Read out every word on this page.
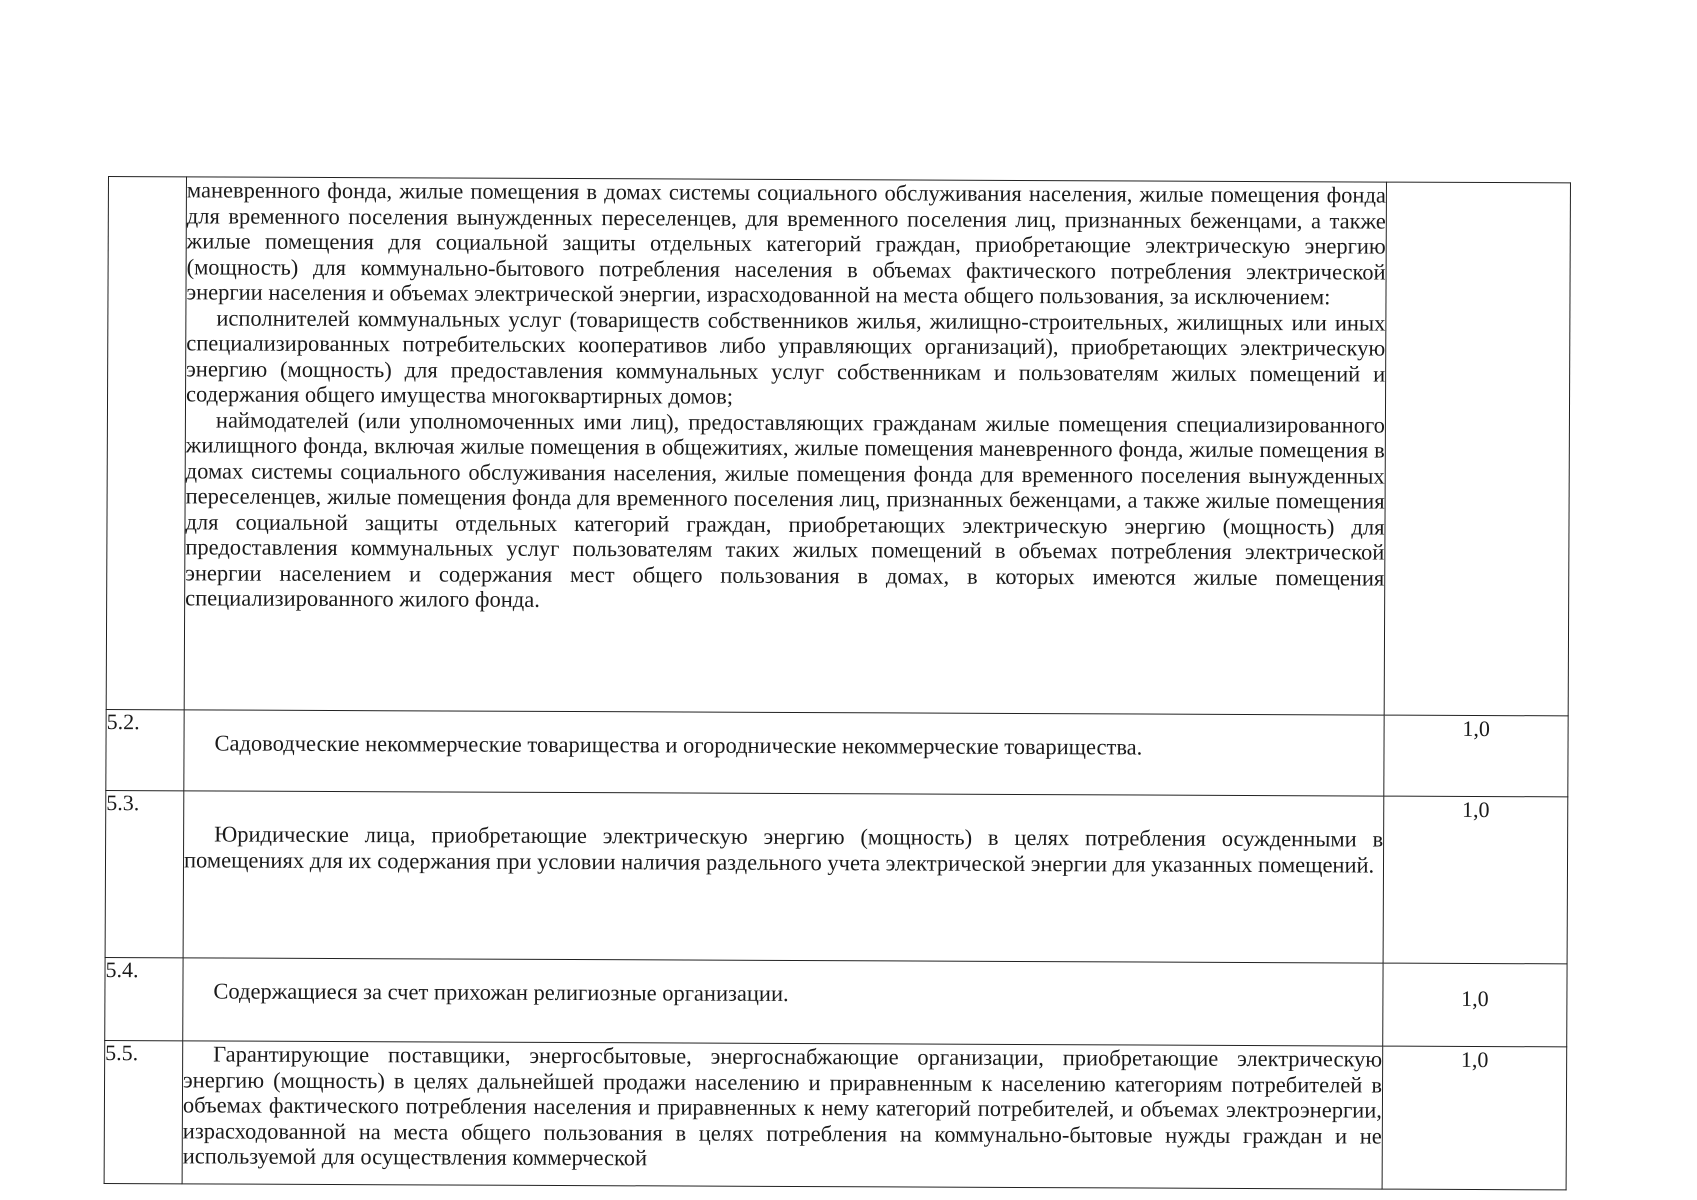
	маневренного фонда, жилые помещения в домах системы социального обслуживания населения, жилые помещения фонда для временного поселения вынужденных переселенцев, для временного поселения лиц, признанных беженцами, а также жилые помещения для социальной защиты отдельных категорий граждан, приобретающие электрическую энергию (мощность) для коммунально-бытового потребления населения в объемах фактического потребления электрической энергии населения и объемах электрической энергии, израсходованной на места общего пользования, за исключением:

исполнителей коммунальных услуг (товариществ собственников жилья, жилищно-строительных, жилищных или иных специализированных потребительских кооперативов либо управляющих организаций), приобретающих электрическую энергию (мощность) для предоставления коммунальных услуг собственникам и пользователям жилых помещений и содержания общего имущества многоквартирных домов;

наймодателей (или уполномоченных ими лиц), предоставляющих гражданам жилые помещения специализированного жилищного фонда, включая жилые помещения в общежитиях, жилые помещения маневренного фонда, жилые помещения в домах системы социального обслуживания населения, жилые помещения фонда для временного поселения вынужденных переселенцев, жилые помещения фонда для временного поселения лиц, признанных беженцами, а также жилые помещения для социальной защиты отдельных категорий граждан, приобретающих электрическую энергию (мощность) для предоставления коммунальных услуг пользователям таких жилых помещений в объемах потребления электрической энергии населением и содержания мест общего пользования в домах, в которых имеются жилые помещения специализированного жилого фонда.	

5.2.	Садоводческие некоммерческие товарищества и огороднические некоммерческие товарищества.	1,0
5.3.	Юридические лица, приобретающие электрическую энергию (мощность) в целях потребления осужденными в помещениях для их содержания при условии наличия раздельного учета электрической энергии для указанных помещений.	1,0
5.4.	Содержащиеся за счет прихожан религиозные организации.	1,0
5.5.	Гарантирующие поставщики, энергосбытовые, энергоснабжающие организации, приобретающие электрическую энергию (мощность) в целях дальнейшей продажи населению и приравненным к населению категориям потребителей в объемах фактического потребления населения и приравненных к нему категорий потребителей, и объемах электроэнергии, израсходованной на места общего пользования в целях потребления на коммунально-бытовые нужды граждан и не используемой для осуществления коммерческой	1,0
